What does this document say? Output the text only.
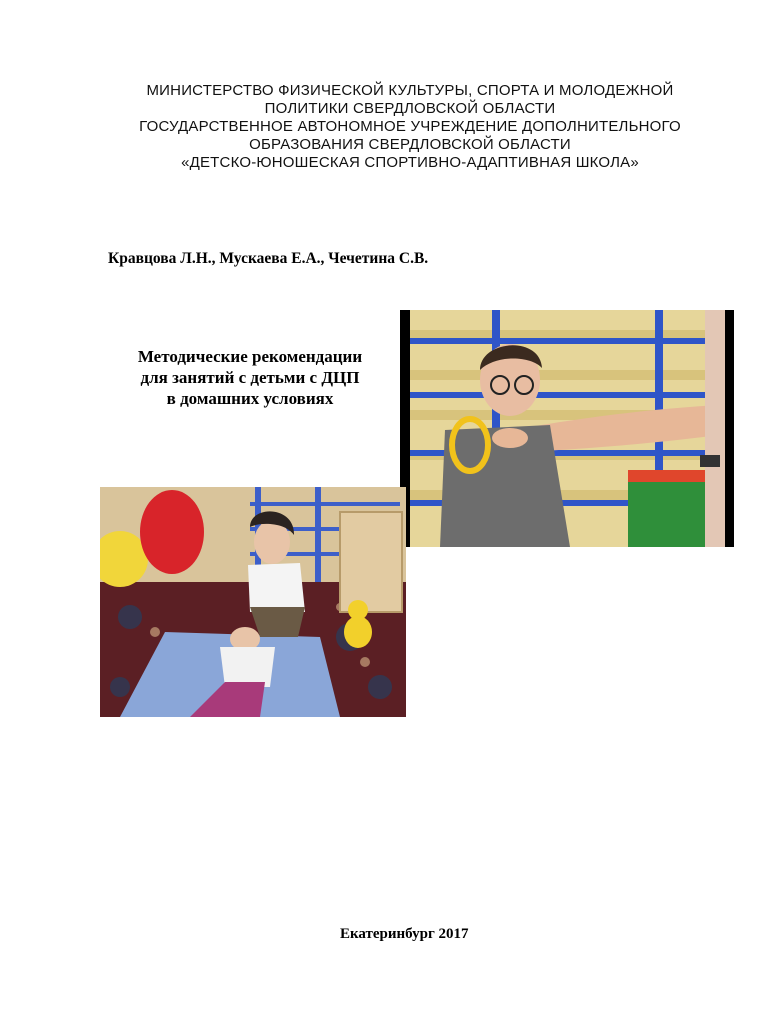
МИНИСТЕРСТВО ФИЗИЧЕСКОЙ КУЛЬТУРЫ, СПОРТА И МОЛОДЕЖНОЙ
ПОЛИТИКИ СВЕРДЛОВСКОЙ ОБЛАСТИ
ГОСУДАРСТВЕННОЕ АВТОНОМНОЕ УЧРЕЖДЕНИЕ ДОПОЛНИТЕЛЬНОГО
ОБРАЗОВАНИЯ СВЕРДЛОВСКОЙ ОБЛАСТИ
«ДЕТСКО-ЮНОШЕСКАЯ СПОРТИВНО-АДАПТИВНАЯ ШКОЛА»
Кравцова Л.Н., Мускаева Е.А., Чечетина С.В.
Методические рекомендации
для занятий с детьми с ДЦП
в домашних условиях
Екатеринбург 2017
